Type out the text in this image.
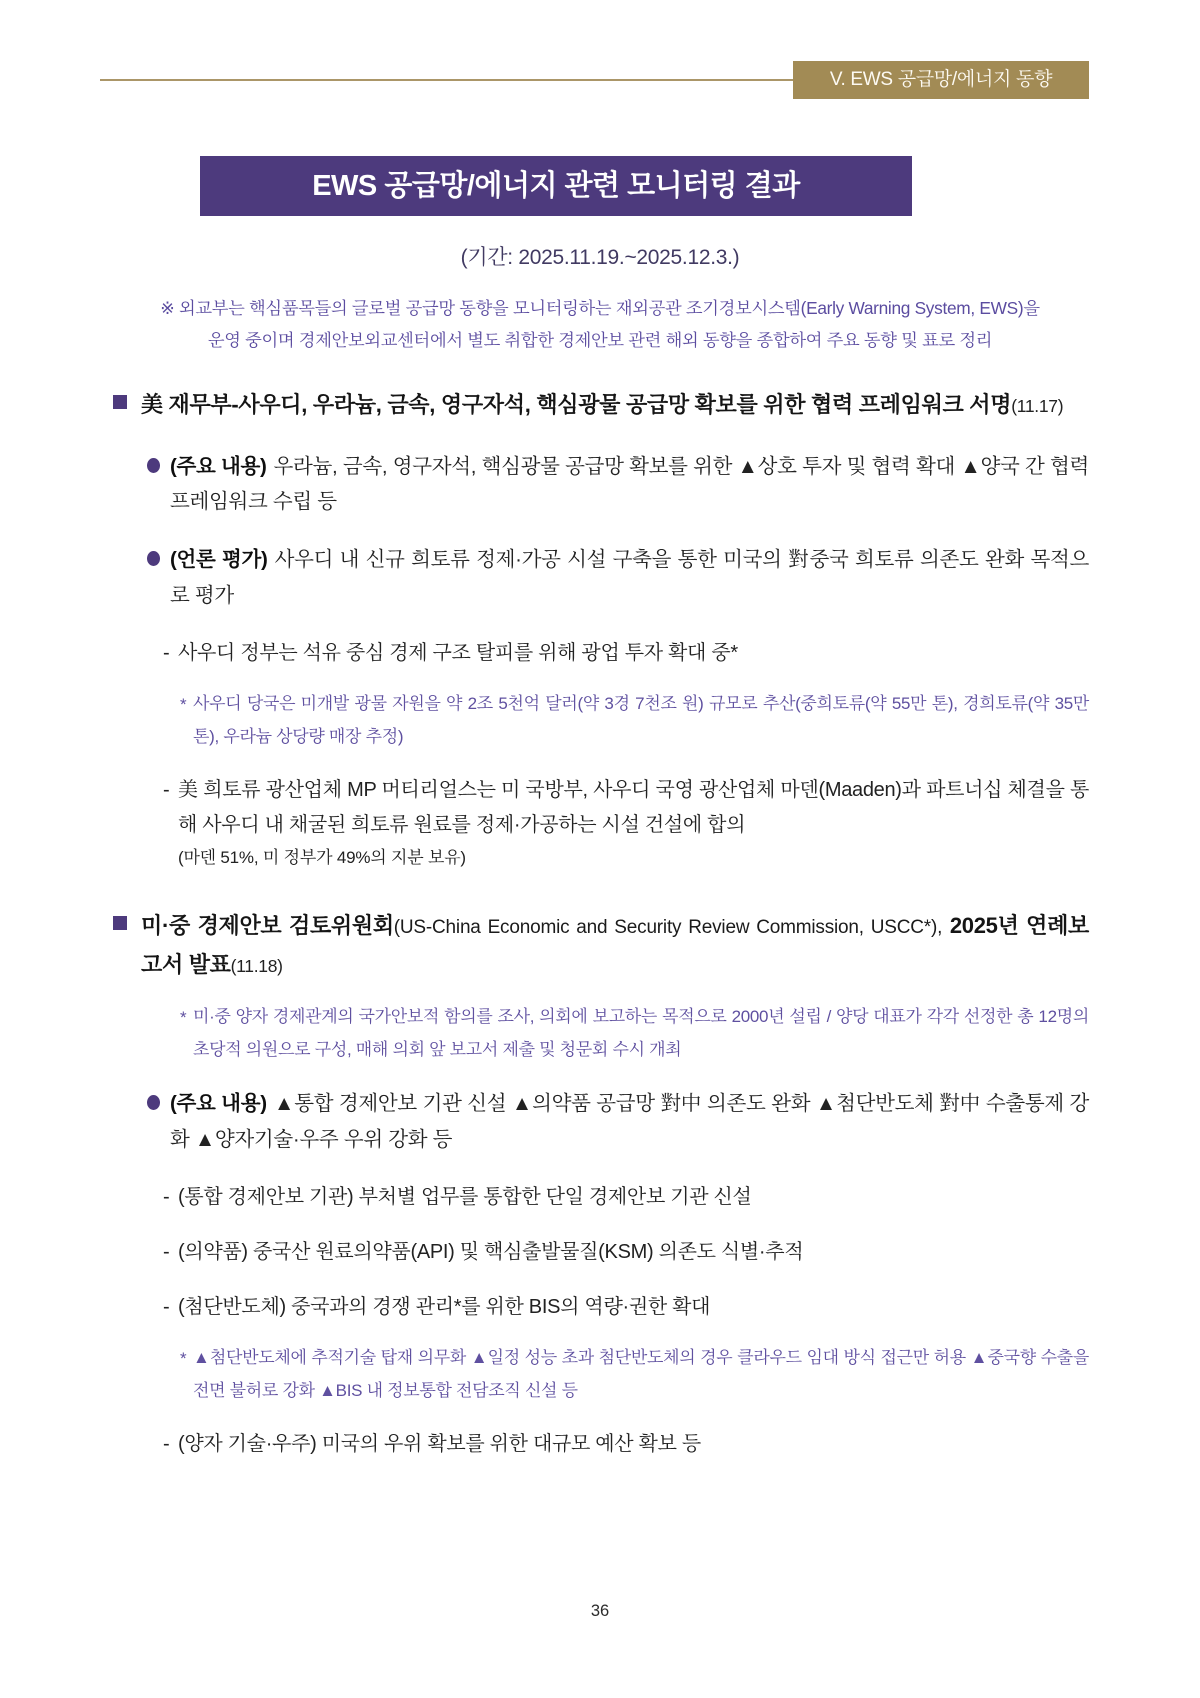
V. EWS 공급망/에너지 동향
EWS 공급망/에너지 관련 모니터링 결과
(기간: 2025.11.19.~2025.12.3.)
※ 외교부는 핵심품목들의 글로벌 공급망 동향을 모니터링하는 재외공관 조기경보시스템(Early Warning System, EWS)을
운영 중이며 경제안보외교센터에서 별도 취합한 경제안보 관련 해외 동향을 종합하여 주요 동향 및 표로 정리
美 재무부-사우디, 우라늄, 금속, 영구자석, 핵심광물 공급망 확보를 위한 협력 프레임워크 서명(11.17)
(주요 내용) 우라늄, 금속, 영구자석, 핵심광물 공급망 확보를 위한 ▲상호 투자 및 협력 확대 ▲양국 간 협력 프레임워크 수립 등
(언론 평가) 사우디 내 신규 희토류 정제·가공 시설 구축을 통한 미국의 對중국 희토류 의존도 완화 목적으로 평가
- 사우디 정부는 석유 중심 경제 구조 탈피를 위해 광업 투자 확대 중*
* 사우디 당국은 미개발 광물 자원을 약 2조 5천억 달러(약 3경 7천조 원) 규모로 추산(중희토류(약 55만 톤), 경희토류(약 35만 톤), 우라늄 상당량 매장 추정)
- 美 희토류 광산업체 MP 머티리얼스는 미 국방부, 사우디 국영 광산업체 마덴(Maaden)과 파트너십 체결을 통해 사우디 내 채굴된 희토류 원료를 정제·가공하는 시설 건설에 합의
(마덴 51%, 미 정부가 49%의 지분 보유)
미·중 경제안보 검토위원회(US-China Economic and Security Review Commission, USCC*), 2025년 연례보고서 발표(11.18)
* 미·중 양자 경제관계의 국가안보적 함의를 조사, 의회에 보고하는 목적으로 2000년 설립 / 양당 대표가 각각 선정한 총 12명의 초당적 의원으로 구성, 매해 의회 앞 보고서 제출 및 청문회 수시 개최
(주요 내용) ▲통합 경제안보 기관 신설 ▲의약품 공급망 對中 의존도 완화 ▲첨단반도체 對中 수출통제 강화 ▲양자기술·우주 우위 강화 등
- (통합 경제안보 기관) 부처별 업무를 통합한 단일 경제안보 기관 신설
- (의약품) 중국산 원료의약품(API) 및 핵심출발물질(KSM) 의존도 식별·추적
- (첨단반도체) 중국과의 경쟁 관리*를 위한 BIS의 역량·권한 확대
* ▲첨단반도체에 추적기술 탑재 의무화 ▲일정 성능 초과 첨단반도체의 경우 클라우드 임대 방식 접근만 허용 ▲중국향 수출을 전면 불허로 강화 ▲BIS 내 정보통합 전담조직 신설 등
- (양자 기술·우주) 미국의 우위 확보를 위한 대규모 예산 확보 등
36
